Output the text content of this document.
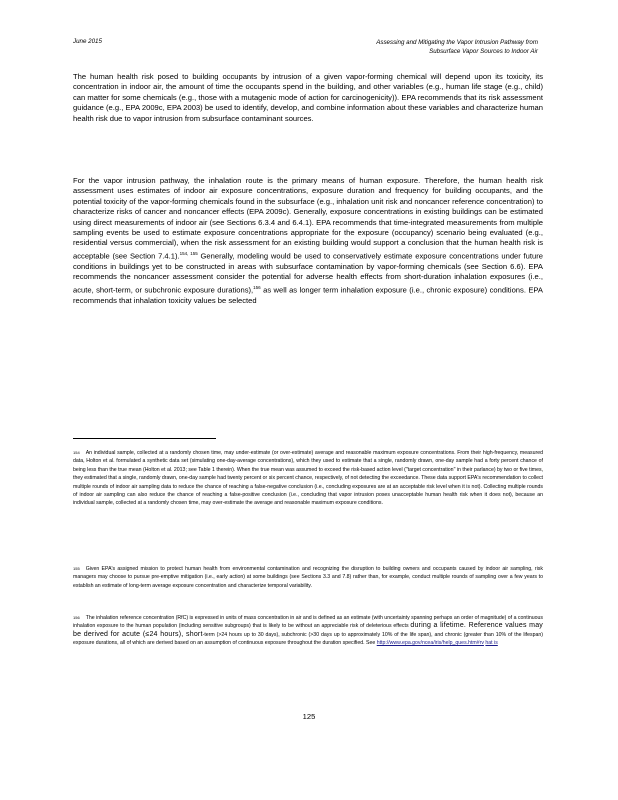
June 2015	Assessing and Mitigating the Vapor Intrusion Pathway from
Subsurface Vapor Sources to Indoor Air
The human health risk posed to building occupants by intrusion of a given vapor-forming chemical will depend upon its toxicity, its concentration in indoor air, the amount of time the occupants spend in the building, and other variables (e.g., human life stage (e.g., child) can matter for some chemicals (e.g., those with a mutagenic mode of action for carcinogenicity)). EPA recommends that its risk assessment guidance (e.g., EPA 2009c, EPA 2003) be used to identify, develop, and combine information about these variables and characterize human health risk due to vapor intrusion from subsurface contaminant sources.
For the vapor intrusion pathway, the inhalation route is the primary means of human exposure. Therefore, the human health risk assessment uses estimates of indoor air exposure concentrations, exposure duration and frequency for building occupants, and the potential toxicity of the vapor-forming chemicals found in the subsurface (e.g., inhalation unit risk and noncancer reference concentration) to characterize risks of cancer and noncancer effects (EPA 2009c). Generally, exposure concentrations in existing buildings can be estimated using direct measurements of indoor air (see Sections 6.3.4 and 6.4.1). EPA recommends that time-integrated measurements from multiple sampling events be used to estimate exposure concentrations appropriate for the exposure (occupancy) scenario being evaluated (e.g., residential versus commercial), when the risk assessment for an existing building would support a conclusion that the human health risk is acceptable (see Section 7.4.1).$^{154, 155}$ Generally, modeling would be used to conservatively estimate exposure concentrations under future conditions in buildings yet to be constructed in areas with subsurface contamination by vapor-forming chemicals (see Section 6.6). EPA recommends the noncancer assessment consider the potential for adverse health effects from short-duration inhalation exposures (i.e., acute, short-term, or subchronic exposure durations),$^{156}$ as well as longer term inhalation exposure (i.e., chronic exposure) conditions. EPA recommends that inhalation toxicity values be selected
$^{154}$ An individual sample, collected at a randomly chosen time, may under-estimate (or over-estimate) average and reasonable maximum exposure concentrations. From their high-frequency, measured data, Holton et al. formulated a synthetic data set (simulating one-day-average concentrations), which they used to estimate that a single, randomly drawn, one-day sample had a forty percent chance of being less than the true mean (Holton et al. 2013; see Table 1 therein). When the true mean was assumed to exceed the risk-based action level ("target concentration" in their parlance) by two or five times, they estimated that a single, randomly drawn, one-day sample had twenty percent or six percent chance, respectively, of not detecting the exceedance. These data support EPA's recommendation to collect multiple rounds of indoor air sampling data to reduce the chance of reaching a false-negative conclusion (i.e., concluding exposures are at an acceptable risk level when it is not). Collecting multiple rounds of indoor air sampling can also reduce the chance of reaching a false-positive conclusion (i.e., concluding that vapor intrusion poses unacceptable human health risk when it does not), because an individual sample, collected at a randomly chosen time, may over-estimate the average and reasonable maximum exposure conditions.
$^{155}$ Given EPA's assigned mission to protect human health from environmental contamination and recognizing the disruption to building owners and occupants caused by indoor air sampling, risk managers may choose to pursue pre-emptive mitigation (i.e., early action) at some buildings (see Sections 3.3 and 7.8) rather than, for example, conduct multiple rounds of sampling over a few years to establish an estimate of long-term average exposure concentration and characterize temporal variability.
$^{156}$ The inhalation reference concentration (RfC) is expressed in units of mass concentration in air and is defined as an estimate (with uncertainty spanning perhaps an order of magnitude) of a continuous inhalation exposure to the human population (including sensitive subgroups) that is likely to be without an appreciable risk of deleterious effects during a lifetime. Reference values may be derived for acute (≤24 hours), short-term (>24 hours up to 30 days), subchronic (>30 days up to approximately 10% of the life span), and chronic (greater than 10% of the lifespan) exposure durations, all of which are derived based on an assumption of continuous exposure throughout the duration specified. See http://www.epa.gov/ncea/iris/help_ques.htm#rv hat is
125
